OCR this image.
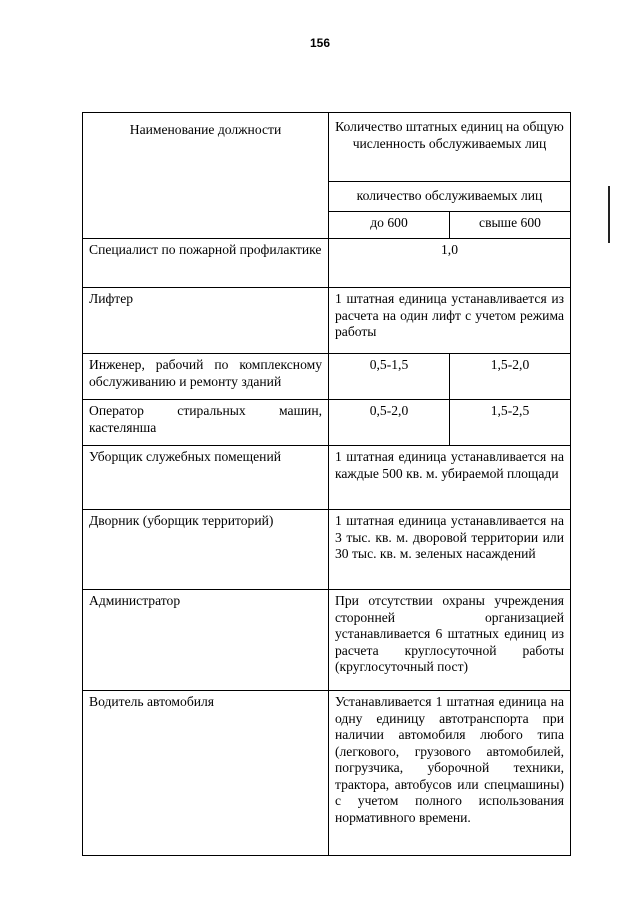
156
Наименование должности	Количество штатных единиц на общую численность обслуживаемых лиц	
	количество обслуживаемых лиц	
	до 600	свыше 600
Специалист по пожарной профилактике	1,0	
Лифтер	1 штатная единица устанавливается из расчета на один лифт с учетом режима работы	
Инженер, рабочий по комплексному обслуживанию и ремонту зданий	0,5-1,5	1,5-2,0
Оператор стиральных машин, кастелянша	0,5-2,0	1,5-2,5
Уборщик служебных помещений	1 штатная единица устанавливается на каждые 500 кв. м. убираемой площади	
Дворник (уборщик территорий)	1 штатная единица устанавливается на 3 тыс. кв. м. дворовой территории или 30 тыс. кв. м. зеленых насаждений	
Администратор	При отсутствии охраны учреждения сторонней организацией устанавливается 6 штатных единиц из расчета круглосуточной работы (круглосуточный пост)	
Водитель автомобиля	Устанавливается 1 штатная единица на одну единицу автотранспорта при наличии автомобиля любого типа (легкового, грузового автомобилей, погрузчика, уборочной техники, трактора, автобусов или спецмашины) с учетом полного использования нормативного времени.	
